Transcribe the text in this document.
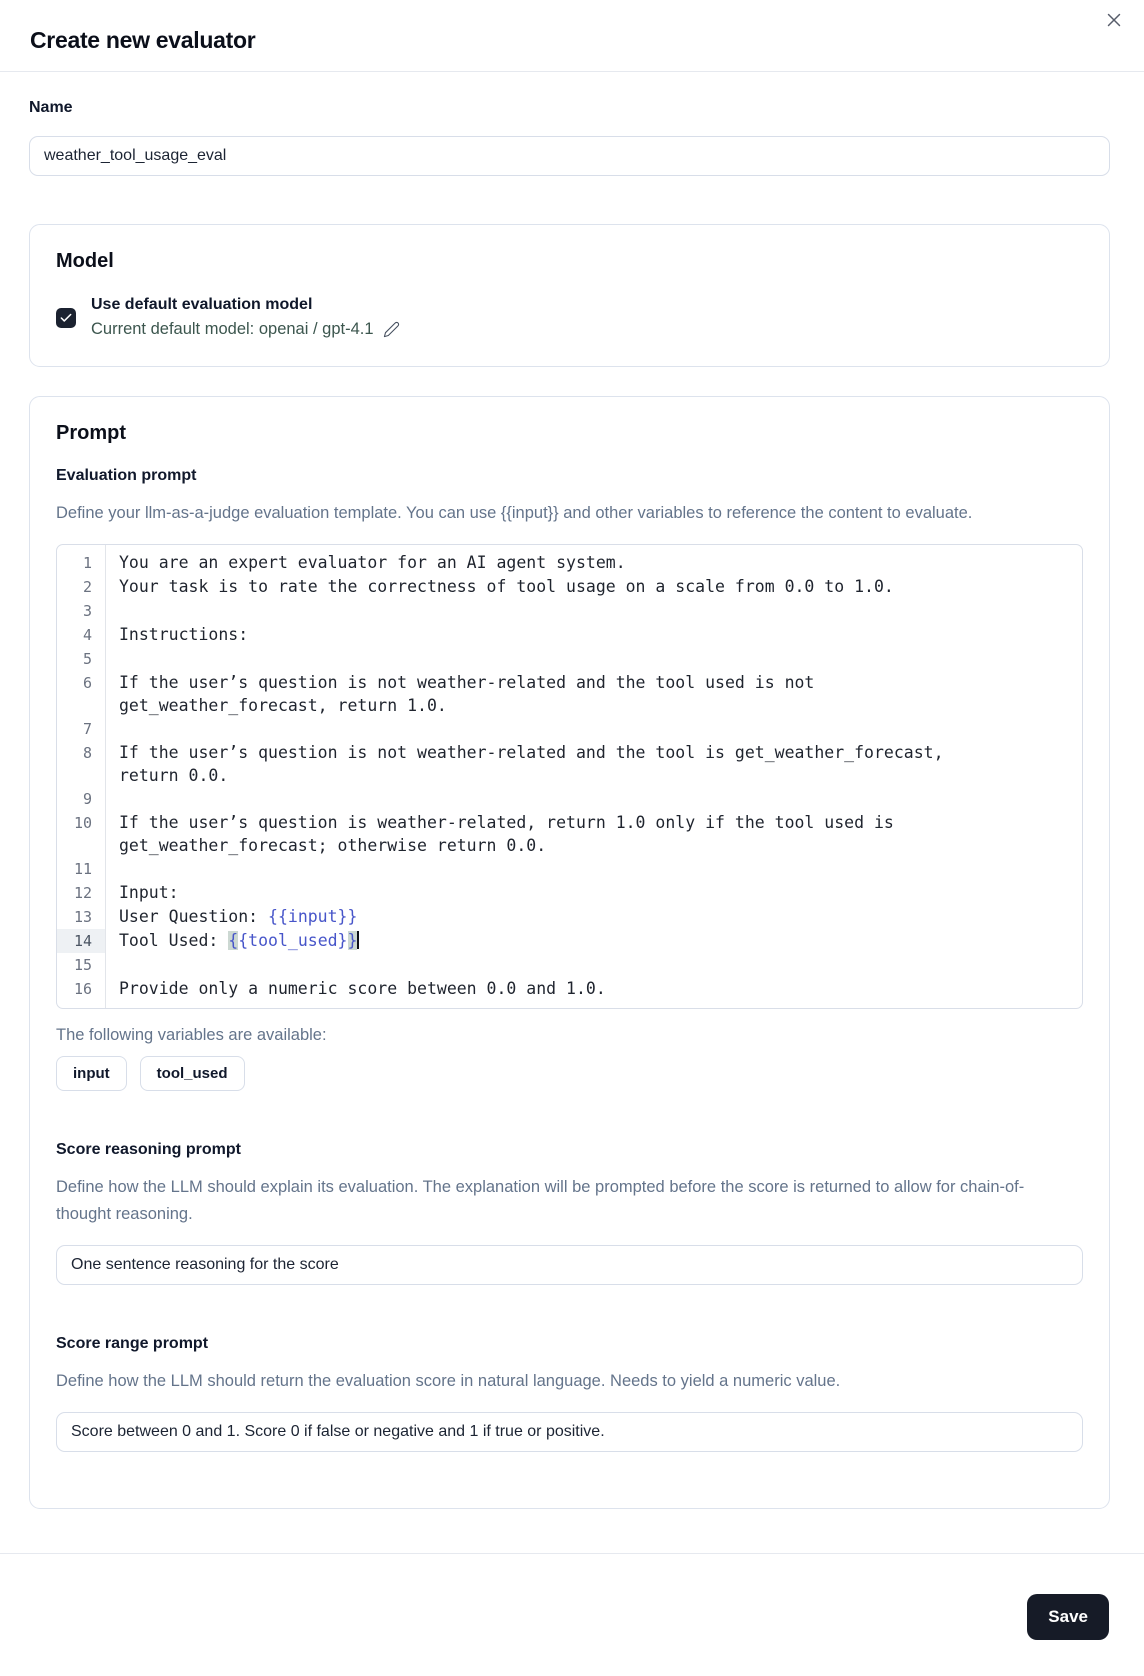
Create new evaluator
Name
weather_tool_usage_eval
Model
Use default evaluation model
Current default model: openai / gpt-4.1
Prompt
Evaluation prompt

Define your llm-as-a-judge evaluation template. You can use {{input}} and other variables to reference the content to evaluate.

1	You are an expert evaluator for an AI agent system.
2	Your task is to rate the correctness of tool usage on a scale from 0.0 to 1.0.
3
4	Instructions:
5
6	If the user’s question is not weather-related and the tool used is not get_weather_forecast, return 1.0.
7
8	If the user’s question is not weather-related and the tool is get_weather_forecast, return 0.0.
9
10	If the user’s question is weather-related, return 1.0 only if the tool used is get_weather_forecast; otherwise return 0.0.
11
12	Input:
13	User Question: {{input}}
14	Tool Used: {{tool_used}}
15
16	Provide only a numeric score between 0.0 and 1.0.
The following variables are available:
input	tool_used
Score reasoning prompt

Define how the LLM should explain its evaluation. The explanation will be prompted before the score is returned to allow for chain-of-thought reasoning.

One sentence reasoning for the score
Score range prompt

Define how the LLM should return the evaluation score in natural language. Needs to yield a numeric value.

Score between 0 and 1. Score 0 if false or negative and 1 if true or positive.
Save
